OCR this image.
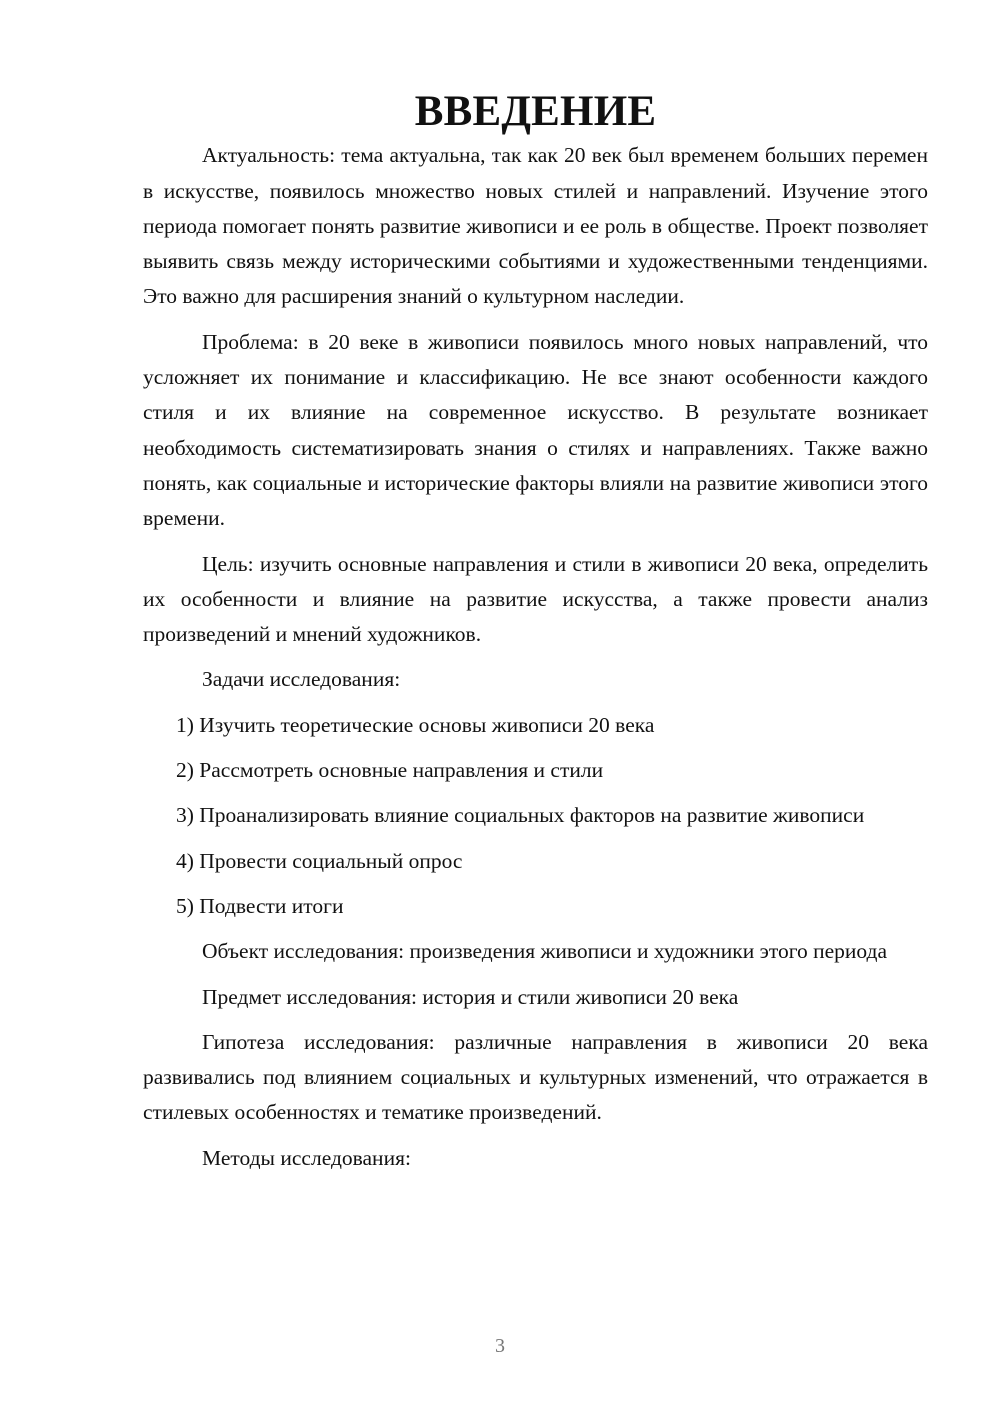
ВВЕДЕНИЕ

Актуальность: тема актуальна, так как 20 век был временем больших перемен в искусстве, появилось множество новых стилей и направлений. Изучение этого периода помогает понять развитие живописи и ее роль в обществе. Проект позволяет выявить связь между историческими событиями и художественными тенденциями. Это важно для расширения знаний о культурном наследии.

Проблема: в 20 веке в живописи появилось много новых направлений, что усложняет их понимание и классификацию. Не все знают особенности каждого стиля и их влияние на современное искусство. В результате возникает необходимость систематизировать знания о стилях и направлениях. Также важно понять, как социальные и исторические факторы влияли на развитие живописи этого времени.

Цель: изучить основные направления и стили в живописи 20 века, определить их особенности и влияние на развитие искусства, а также провести анализ произведений и мнений художников.

Задачи исследования:

1) Изучить теоретические основы живописи 20 века

2) Рассмотреть основные направления и стили

3) Проанализировать влияние социальных факторов на развитие живописи

4) Провести социальный опрос

5) Подвести итоги

Объект исследования: произведения живописи и художники этого периода

Предмет исследования: история и стили живописи 20 века

Гипотеза исследования: различные направления в живописи 20 века развивались под влиянием социальных и культурных изменений, что отражается в стилевых особенностях и тематике произведений.

Методы исследования:

3
